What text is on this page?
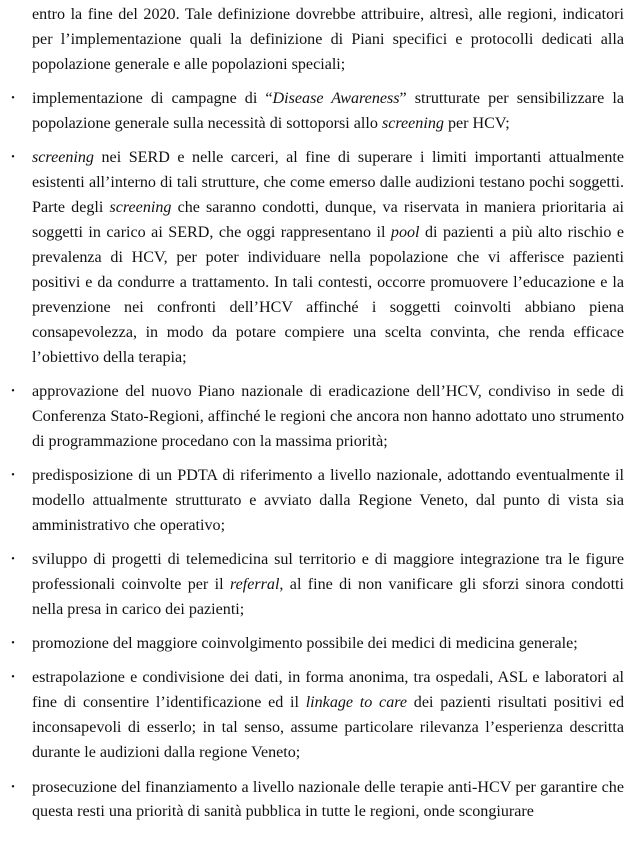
entro la fine del 2020. Tale definizione dovrebbe attribuire, altresì, alle regioni, indicatori per l’implementazione quali la definizione di Piani specifici e protocolli dedicati alla popolazione generale e alle popolazioni speciali;

• implementazione di campagne di “Disease Awareness” strutturate per sensibilizzare la popolazione generale sulla necessità di sottoporsi allo screening per HCV;

• screening nei SERD e nelle carceri, al fine di superare i limiti importanti attualmente esistenti all’interno di tali strutture, che come emerso dalle audizioni testano pochi soggetti. Parte degli screening che saranno condotti, dunque, va riservata in maniera prioritaria ai soggetti in carico ai SERD, che oggi rappresentano il pool di pazienti a più alto rischio e prevalenza di HCV, per poter individuare nella popolazione che vi afferisce pazienti positivi e da condurre a trattamento. In tali contesti, occorre promuovere l’educazione e la prevenzione nei confronti dell’HCV affinché i soggetti coinvolti abbiano piena consapevolezza, in modo da potare compiere una scelta convinta, che renda efficace l’obiettivo della terapia;

• approvazione del nuovo Piano nazionale di eradicazione dell’HCV, condiviso in sede di Conferenza Stato-Regioni, affinché le regioni che ancora non hanno adottato uno strumento di programmazione procedano con la massima priorità;

• predisposizione di un PDTA di riferimento a livello nazionale, adottando eventualmente il modello attualmente strutturato e avviato dalla Regione Veneto, dal punto di vista sia amministrativo che operativo;

• sviluppo di progetti di telemedicina sul territorio e di maggiore integrazione tra le figure professionali coinvolte per il referral, al fine di non vanificare gli sforzi sinora condotti nella presa in carico dei pazienti;

• promozione del maggiore coinvolgimento possibile dei medici di medicina generale;

• estrapolazione e condivisione dei dati, in forma anonima, tra ospedali, ASL e laboratori al fine di consentire l’identificazione ed il linkage to care dei pazienti risultati positivi ed inconsapevoli di esserlo; in tal senso, assume particolare rilevanza l’esperienza descritta durante le audizioni dalla regione Veneto;

• prosecuzione del finanziamento a livello nazionale delle terapie anti-HCV per garantire che questa resti una priorità di sanità pubblica in tutte le regioni, onde scongiurare
